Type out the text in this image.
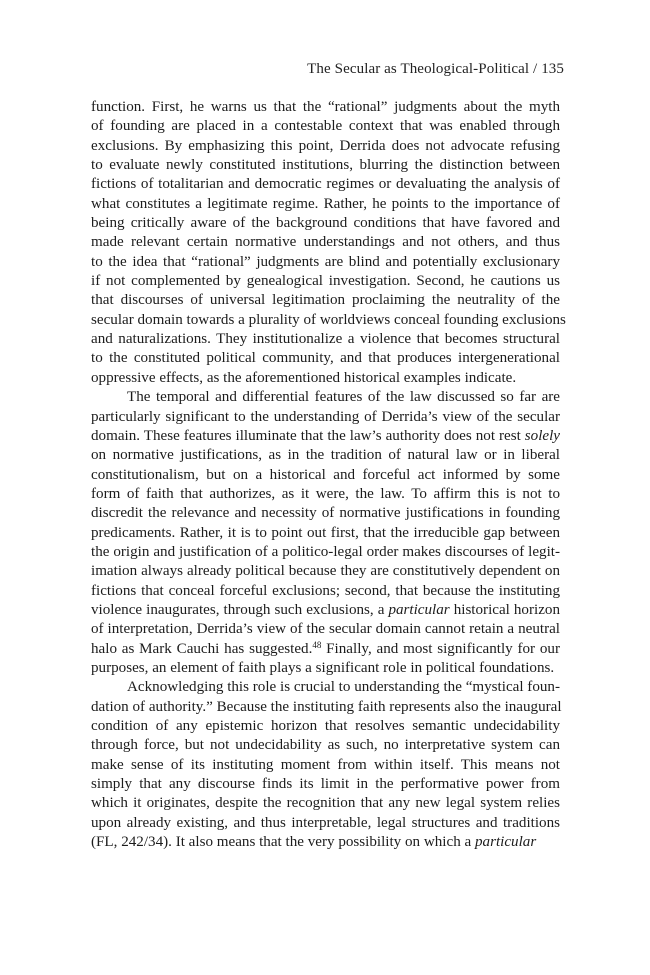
The Secular as Theological-Political / 135
function. First, he warns us that the “rational” judgments about the myth
of founding are placed in a contestable context that was enabled through
exclusions. By emphasizing this point, Derrida does not advocate refusing
to evaluate newly constituted institutions, blurring the distinction between
fictions of totalitarian and democratic regimes or devaluating the analysis of
what constitutes a legitimate regime. Rather, he points to the importance of
being critically aware of the background conditions that have favored and
made relevant certain normative understandings and not others, and thus
to the idea that “rational” judgments are blind and potentially exclusionary
if not complemented by genealogical investigation. Second, he cautions us
that discourses of universal legitimation proclaiming the neutrality of the
secular domain towards a plurality of worldviews conceal founding exclusions
and naturalizations. They institutionalize a violence that becomes structural
to the constituted political community, and that produces intergenerational
oppressive effects, as the aforementioned historical examples indicate.
The temporal and differential features of the law discussed so far are
particularly significant to the understanding of Derrida’s view of the secular
domain. These features illuminate that the law’s authority does not rest solely
on normative justifications, as in the tradition of natural law or in liberal
constitutionalism, but on a historical and forceful act informed by some
form of faith that authorizes, as it were, the law. To affirm this is not to
discredit the relevance and necessity of normative justifications in founding
predicaments. Rather, it is to point out first, that the irreducible gap between
the origin and justification of a politico-legal order makes discourses of legit-
imation always already political because they are constitutively dependent on
fictions that conceal forceful exclusions; second, that because the instituting
violence inaugurates, through such exclusions, a particular historical horizon
of interpretation, Derrida’s view of the secular domain cannot retain a neutral
halo as Mark Cauchi has suggested.$^{48}$ Finally, and most significantly for our
purposes, an element of faith plays a significant role in political foundations.
Acknowledging this role is crucial to understanding the “mystical foun-
dation of authority.” Because the instituting faith represents also the inaugural
condition of any epistemic horizon that resolves semantic undecidability
through force, but not undecidability as such, no interpretative system can
make sense of its instituting moment from within itself. This means not
simply that any discourse finds its limit in the performative power from
which it originates, despite the recognition that any new legal system relies
upon already existing, and thus interpretable, legal structures and traditions
(FL, 242/34). It also means that the very possibility on which a particular
